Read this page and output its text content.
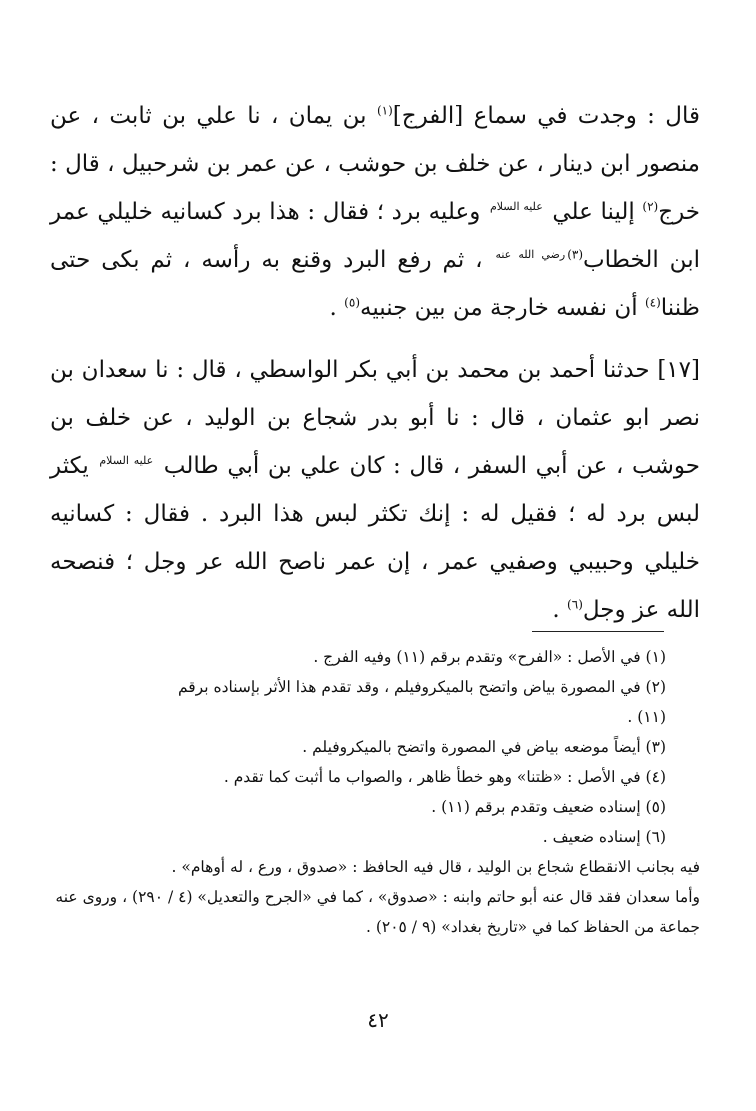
قال : وجدت في سماع [الفرج]$^{(١)}$ بن يمان ، نا علي بن ثابت ، عن منصور ابن دينار ، عن خلف بن حوشب ، عن عمر بن شرحبيل ، قال : خرج$^{(٢)}$ إلينا علي $^{عليه السلام}$ وعليه برد ؛ فقال : هذا برد كسانيه خليلي عمر ابن الخطاب$^{(٣)رضي الله عنه}$ ، ثم رفع البرد وقنع به رأسه ، ثم بكى حتى ظننا$^{(٤)}$ أن نفسه خارجة من بين جنبيه$^{(٥)}$ .

[١٧] حدثنا أحمد بن محمد بن أبي بكر الواسطي ، قال : نا سعدان بن نصر ابو عثمان ، قال : نا أبو بدر شجاع بن الوليد ، عن خلف بن حوشب ، عن أبي السفر ، قال : كان علي بن أبي طالب $^{عليه السلام}$ يكثر لبس برد له ؛ فقيل له : إنك تكثر لبس هذا البرد . فقال : كسانيه خليلي وحبيبي وصفيي عمر ، إن عمر ناصح الله عر وجل ؛ فنصحه الله عز وجل$^{(٦)}$ .

(١) في الأصل : «الفرح» وتقدم برقم (١١) وفيه الفرج .

(٢) في المصورة بياض واتضح بالميكروفيلم ، وقد تقدم هذا الأثر بإسناده برقم

(١١) .

(٣) أيضاً موضعه بياض في المصورة واتضح بالميكروفيلم .

(٤) في الأصل : «ظتنا» وهو خطأ ظاهر ، والصواب ما أثبت كما تقدم .

(٥) إسناده ضعيف وتقدم برقم (١١) .

(٦) إسناده ضعيف .

فيه بجانب الانقطاع شجاع بن الوليد ، قال فيه الحافظ : «صدوق ، ورع ، له أوهام» .

وأما سعدان فقد قال عنه أبو حاتم وابنه : «صدوق» ، كما في «الجرح والتعديل» (٤ / ٢٩٠) ، وروى عنه جماعة من الحفاظ كما في «تاريخ بغداد» (٩ / ٢٠٥) .

٤٢
